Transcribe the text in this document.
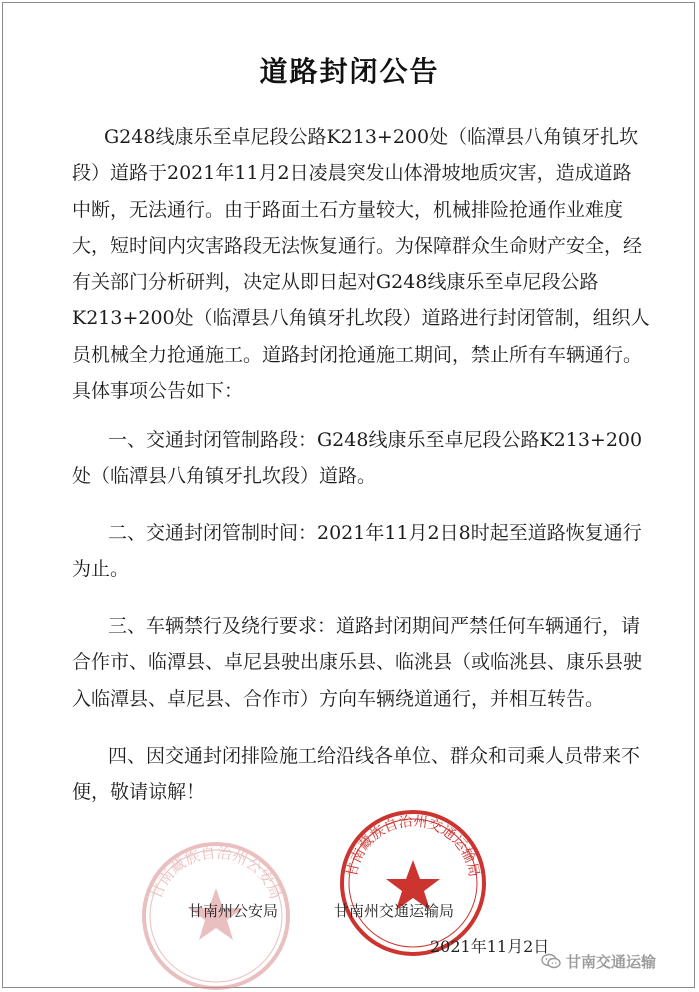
道路封闭公告
G248线康乐至卓尼段公路K213+200处（临潭县八角镇牙扎坎段）道路于2021年11月2日凌晨突发山体滑坡地质灾害，造成道路中断，无法通行。由于路面土石方量较大，机械排险抢通作业难度大，短时间内灾害路段无法恢复通行。为保障群众生命财产安全，经有关部门分析研判，决定从即日起对G248线康乐至卓尼段公路K213+200处（临潭县八角镇牙扎坎段）道路进行封闭管制，组织人员机械全力抢通施工。道路封闭抢通施工期间，禁止所有车辆通行。具体事项公告如下：
一、交通封闭管制路段：G248线康乐至卓尼段公路K213+200处（临潭县八角镇牙扎坎段）道路。
二、交通封闭管制时间：2021年11月2日8时起至道路恢复通行为止。
三、车辆禁行及绕行要求：道路封闭期间严禁任何车辆通行，请合作市、临潭县、卓尼县驶出康乐县、临洮县（或临洮县、康乐县驶入临潭县、卓尼县、合作市）方向车辆绕道通行，并相互转告。
四、因交通封闭排险施工给沿线各单位、群众和司乘人员带来不便，敬请谅解！
甘南藏族自治州公安局
甘南藏族自治州交通运输局
甘南州公安局	甘南州交通运输局
2021年11月2日
甘南交通运输
